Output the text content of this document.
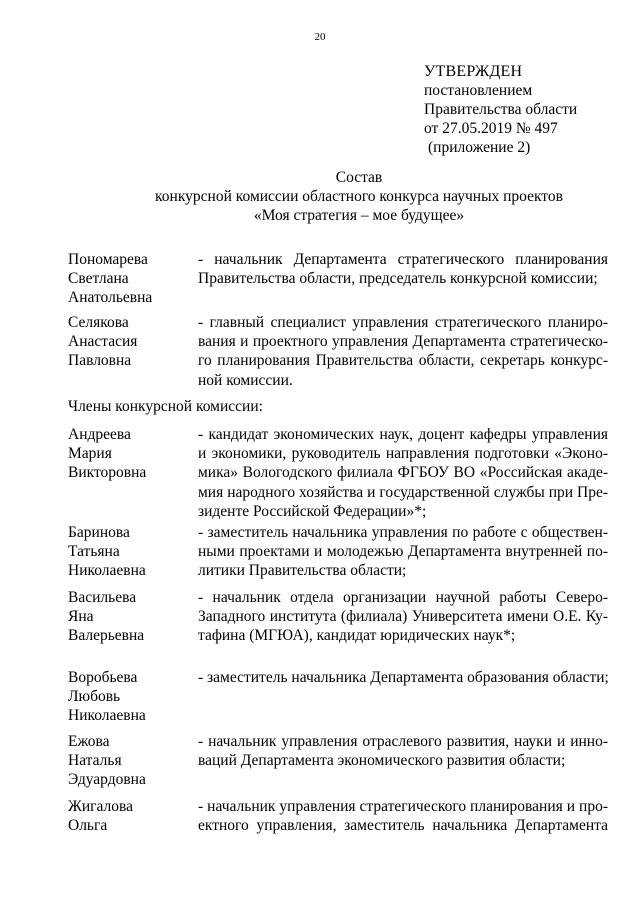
20
УТВЕРЖДЕН
постановлением
Правительства области
от 27.05.2019 № 497
(приложение 2)
Состав
конкурсной комиссии областного конкурса научных проектов
«Моя стратегия – мое будущее»
Пономарева
Светлана
Анатольевна
- начальник Департамента стратегического планирования
Правительства области, председатель конкурсной комиссии;
Селякова
Анастасия
Павловна
- главный специалист управления стратегического планиро-
вания и проектного управления Департамента стратегическо-
го планирования Правительства области, секретарь конкурс-
ной комиссии.
Члены конкурсной комиссии:
Андреева
Мария
Викторовна
- кандидат экономических наук, доцент кафедры управления
и экономики, руководитель направления подготовки «Эконо-
мика» Вологодского филиала ФГБОУ ВО «Российская акаде-
мия народного хозяйства и государственной службы при Пре-
зиденте Российской Федерации»*;
Баринова
Татьяна
Николаевна
- заместитель начальника управления по работе с обществен-
ными проектами и молодежью Департамента внутренней по-
литики Правительства области;
Васильева
Яна
Валерьевна
- начальник отдела организации научной работы Северо-
Западного института (филиала) Университета имени О.Е. Ку-
тафина (МГЮА), кандидат юридических наук*;
Воробьева
Любовь
Николаевна
- заместитель начальника Департамента образования области;
Ежова
Наталья
Эдуардовна
- начальник управления отраслевого развития, науки и инно-
ваций Департамента экономического развития области;
Жигалова
Ольга
- начальник управления стратегического планирования и про-
ектного управления, заместитель начальника Департамента
